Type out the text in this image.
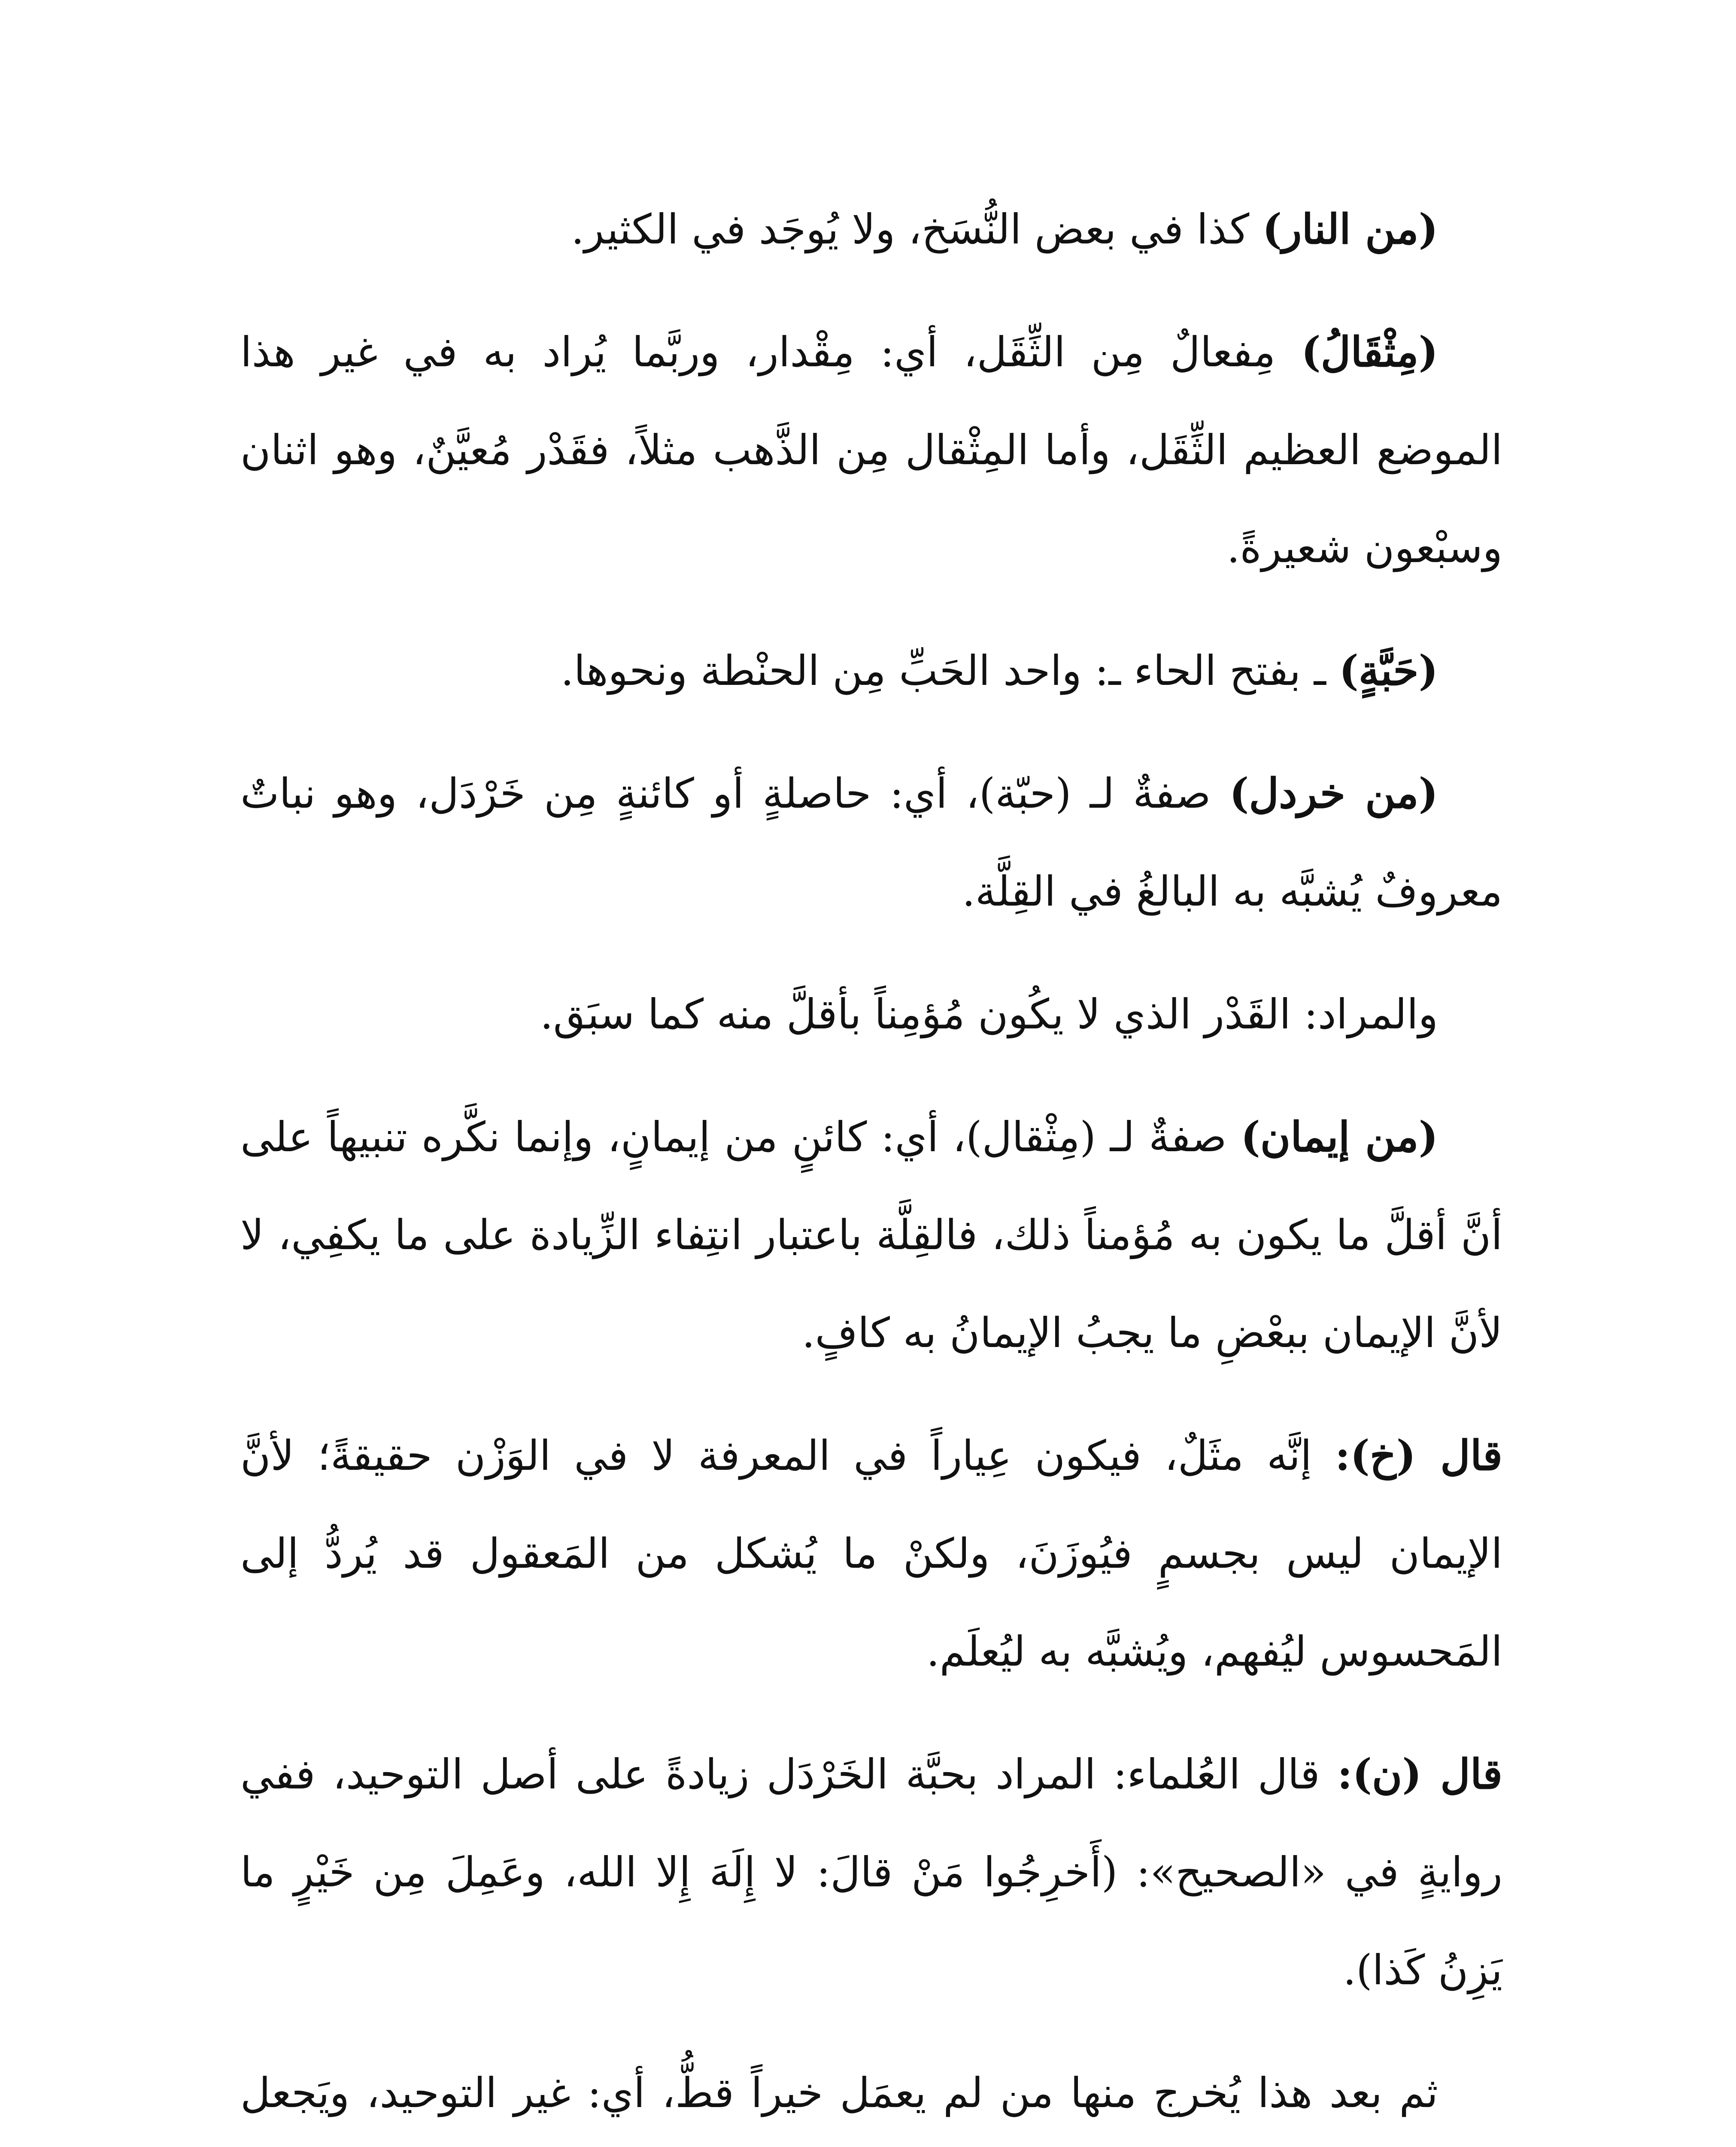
(من النار) كذا في بعض النُّسَخ، ولا يُوجَد في الكثير.

(مِثْقَالُ) مِفعالٌ مِن الثِّقَل، أي: مِقْدار، وربَّما يُراد به في غير هذا الموضع العظيم الثِّقَل، وأما المِثْقال مِن الذَّهب مثلاً، فقَدْر مُعيَّنٌ، وهو اثنان وسبْعون شعيرةً.

(حَبَّةٍ) ـ بفتح الحاء ـ: واحد الحَبِّ مِن الحنْطة ونحوها.

(من خردل) صفةٌ لـ (حبّة)، أي: حاصلةٍ أو كائنةٍ مِن خَرْدَل، وهو نباتٌ معروفٌ يُشبَّه به البالغُ في القِلَّة.

والمراد: القَدْر الذي لا يكُون مُؤمِناً بأقلَّ منه كما سبَق.

(من إيمان) صفةٌ لـ (مِثْقال)، أي: كائنٍ من إيمانٍ، وإنما نكَّره تنبيهاً على أنَّ أقلَّ ما يكون به مُؤمناً ذلك، فالقِلَّة باعتبار انتِفاء الزِّيادة على ما يكفِي، لا لأنَّ الإيمان ببعْضِ ما يجبُ الإيمانُ به كافٍ.

قال (خ): إنَّه مثَلٌ، فيكون عِياراً في المعرفة لا في الوَزْن حقيقةً؛ لأنَّ الإيمان ليس بجسمٍ فيُوزَنَ، ولكنْ ما يُشكل من المَعقول قد يُردُّ إلى المَحسوس ليُفهم، ويُشبَّه به ليُعلَم.

قال (ن): قال العُلماء: المراد بحبَّة الخَرْدَل زيادةً على أصل التوحيد، ففي روايةٍ في «الصحيح»: (أَخرِجُوا مَنْ قالَ: لا إِلَهَ إِلا الله، وعَمِلَ مِن خَيْرٍ ما يَزِنُ كَذا).

ثم بعد هذا يُخرج منها من لم يعمَل خيراً قطُّ، أي: غير التوحيد، ويَجعل
